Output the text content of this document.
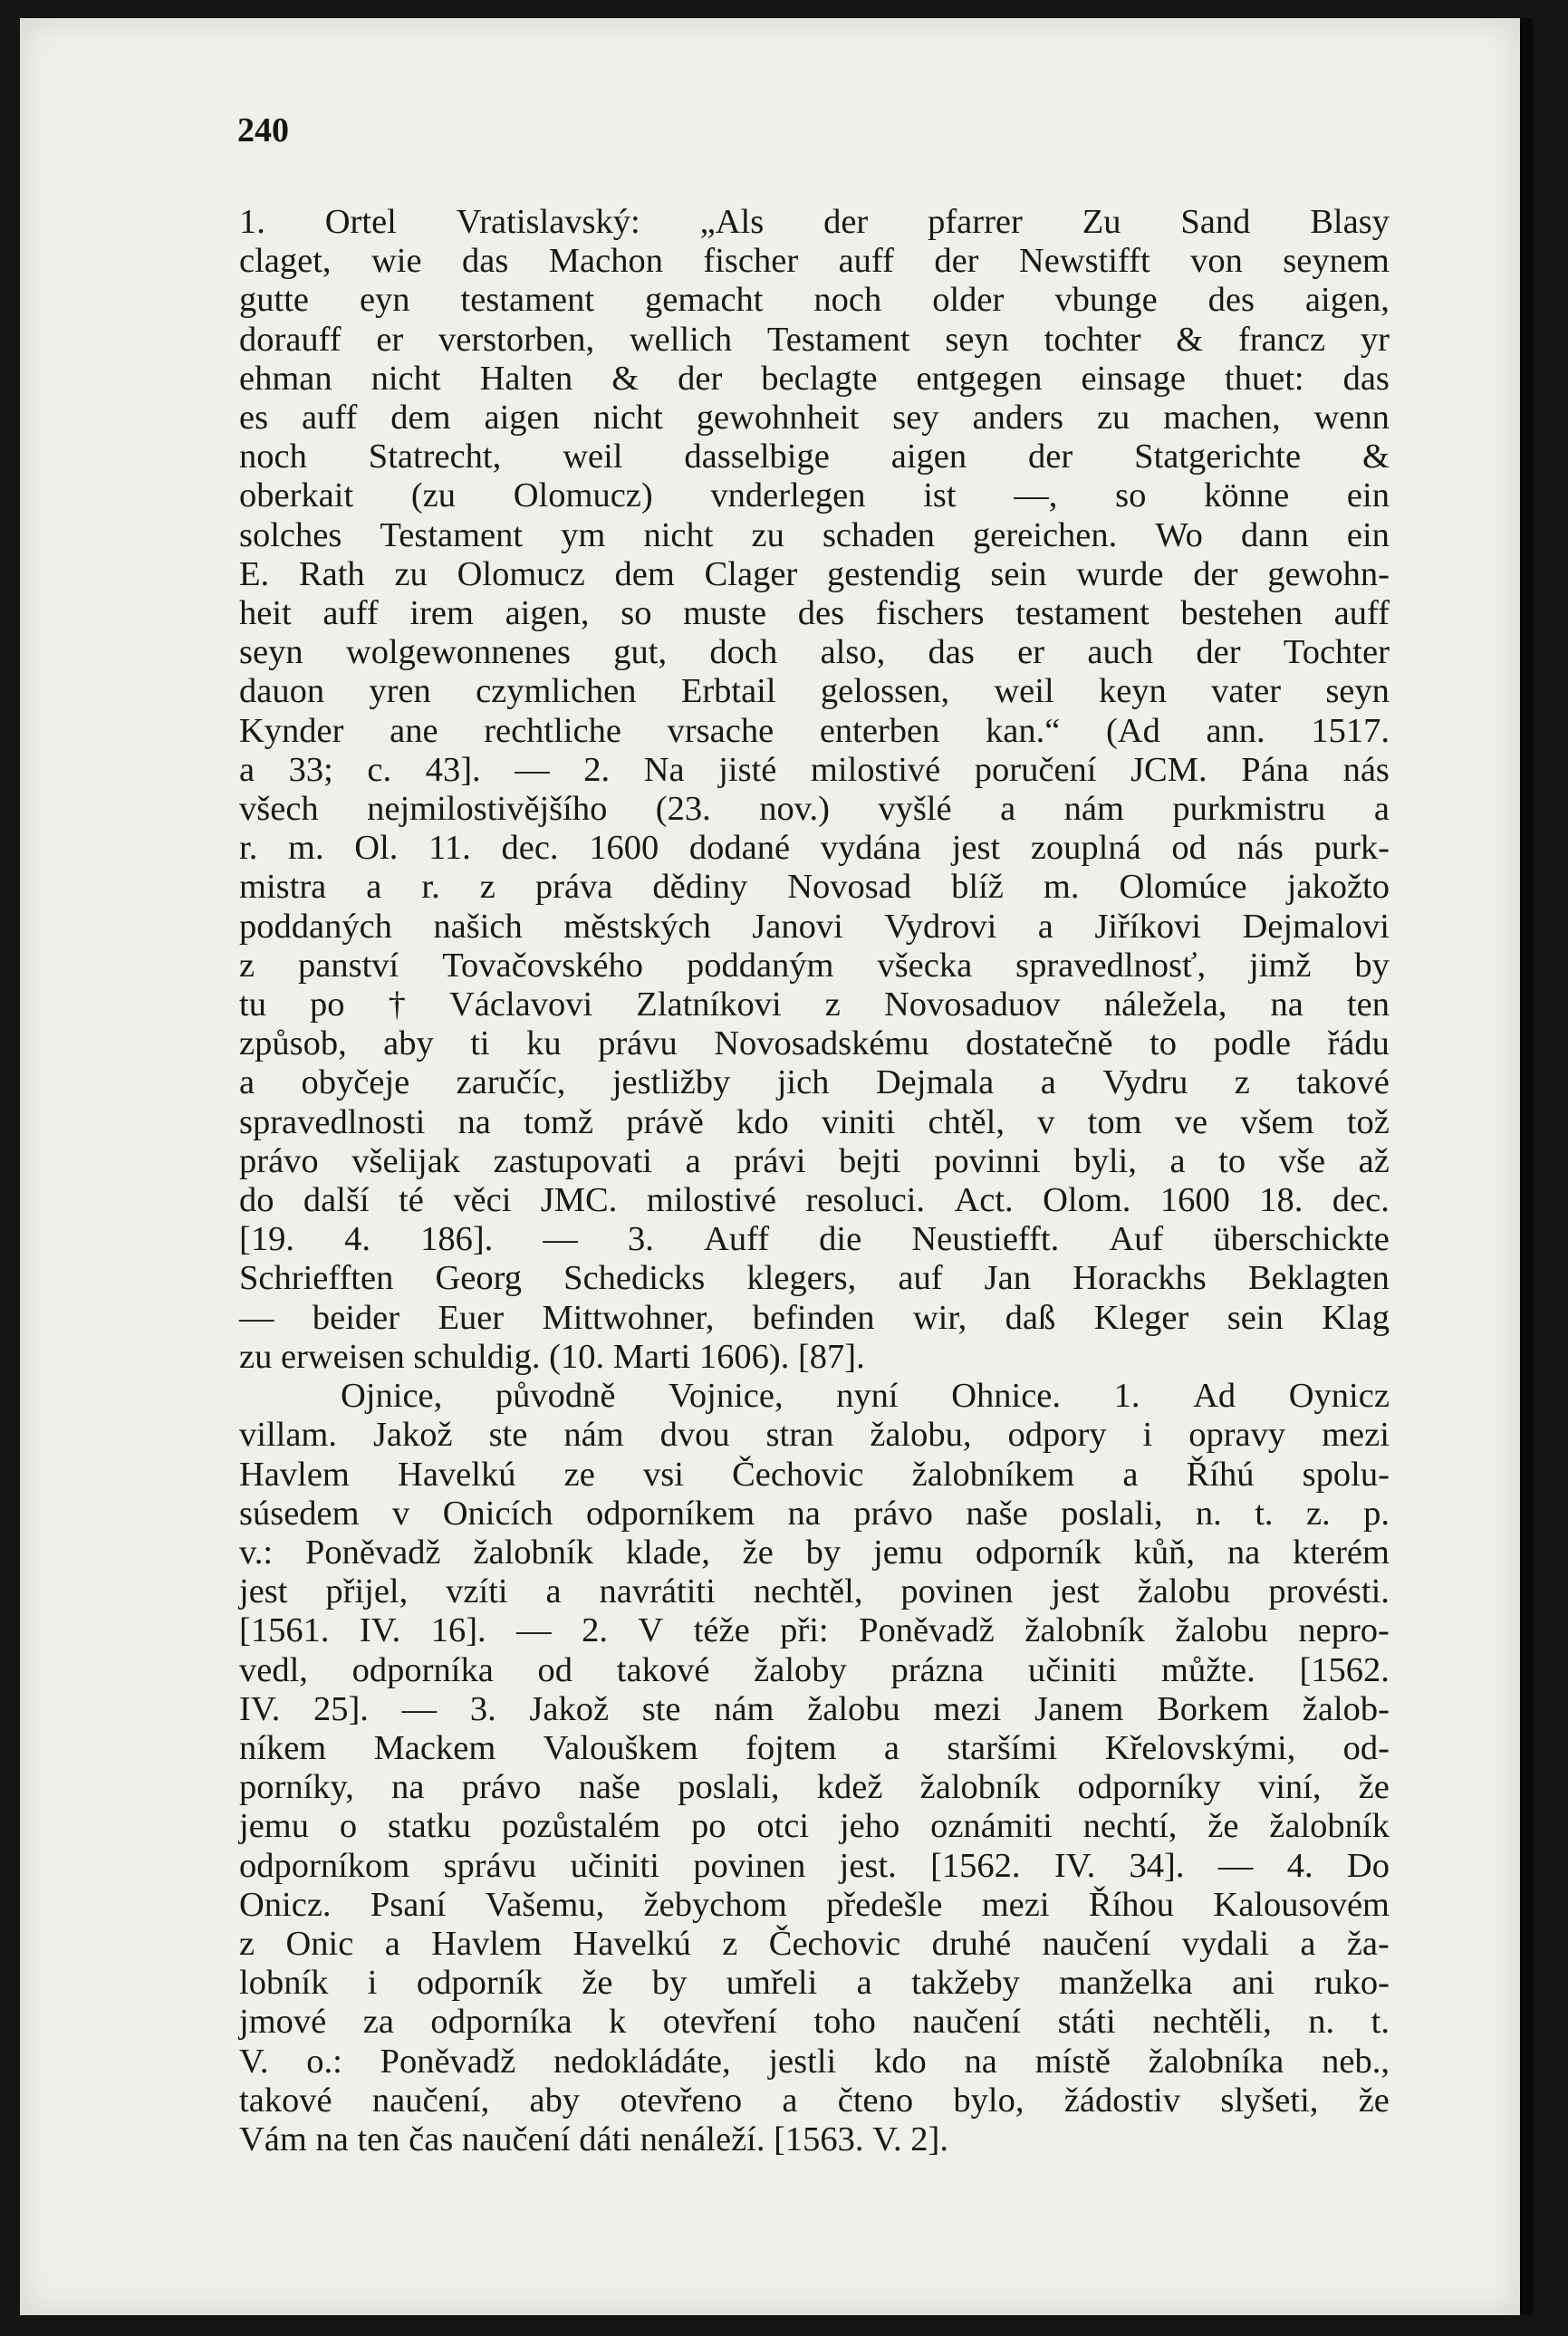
240
1. Ortel Vratislavský: „Als der pfarrer Zu Sand Blasy
claget, wie das Machon fischer auff der Newstifft von seynem
gutte eyn testament gemacht noch older vbunge des aigen,
dorauff er verstorben, wellich Testament seyn tochter & francz yr
ehman nicht Halten & der beclagte entgegen einsage thuet: das
es auff dem aigen nicht gewohnheit sey anders zu machen, wenn
noch Statrecht, weil dasselbige aigen der Statgerichte &
oberkait (zu Olomucz) vnderlegen ist —, so könne ein
solches Testament ym nicht zu schaden gereichen. Wo dann ein
E. Rath zu Olomucz dem Clager gestendig sein wurde der gewohn-
heit auff irem aigen, so muste des fischers testament bestehen auff
seyn wolgewonnenes gut, doch also, das er auch der Tochter
dauon yren czymlichen Erbtail gelossen, weil keyn vater seyn
Kynder ane rechtliche vrsache enterben kan.“ (Ad ann. 1517.
a 33; c. 43]. — 2. Na jisté milostivé poručení JCM. Pána nás
všech nejmilostivějšího (23. nov.) vyšlé a nám purkmistru a
r. m. Ol. 11. dec. 1600 dodané vydána jest zouplná od nás purk-
mistra a r. z práva dědiny Novosad blíž m. Olomúce jakožto
poddaných našich městských Janovi Vydrovi a Jiříkovi Dejmalovi
z panství Tovačovského poddaným všecka spravedlnosť, jimž by
tu po † Václavovi Zlatníkovi z Novosaduov náležela, na ten
způsob, aby ti ku právu Novosadskému dostatečně to podle řádu
a obyčeje zaručíc, jestližby jich Dejmala a Vydru z takové
spravedlnosti na tomž právě kdo viniti chtěl, v tom ve všem tož
právo všelijak zastupovati a právi bejti povinni byli, a to vše až
do další té věci JMC. milostivé resoluci. Act. Olom. 1600 18. dec.
[19. 4. 186]. — 3. Auff die Neustiefft. Auf überschickte
Schriefften Georg Schedicks klegers, auf Jan Horackhs Beklagten
— beider Euer Mittwohner, befinden wir, daß Kleger sein Klag
zu erweisen schuldig. (10. Marti 1606). [87].
Ojnice, původně Vojnice, nyní Ohnice. 1. Ad Oynicz
villam. Jakož ste nám dvou stran žalobu, odpory i opravy mezi
Havlem Havelkú ze vsi Čechovic žalobníkem a Říhú spolu-
súsedem v Onicích odporníkem na právo naše poslali, n. t. z. p.
v.: Poněvadž žalobník klade, že by jemu odporník kůň, na kterém
jest přijel, vzíti a navrátiti nechtěl, povinen jest žalobu provésti.
[1561. IV. 16]. — 2. V téže při: Poněvadž žalobník žalobu nepro-
vedl, odporníka od takové žaloby prázna učiniti můžte. [1562.
IV. 25]. — 3. Jakož ste nám žalobu mezi Janem Borkem žalob-
níkem Mackem Valouškem fojtem a staršími Křelovskými, od-
porníky, na právo naše poslali, kdež žalobník odporníky viní, že
jemu o statku pozůstalém po otci jeho oznámiti nechtí, že žalobník
odporníkom správu učiniti povinen jest. [1562. IV. 34]. — 4. Do
Onicz. Psaní Vašemu, žebychom předešle mezi Říhou Kalousovém
z Onic a Havlem Havelkú z Čechovic druhé naučení vydali a ža-
lobník i odporník že by umřeli a takžeby manželka ani ruko-
jmové za odporníka k otevření toho naučení státi nechtěli, n. t.
V. o.: Poněvadž nedokládáte, jestli kdo na místě žalobníka neb.,
takové naučení, aby otevřeno a čteno bylo, žádostiv slyšeti, že
Vám na ten čas naučení dáti nenáleží. [1563. V. 2].
